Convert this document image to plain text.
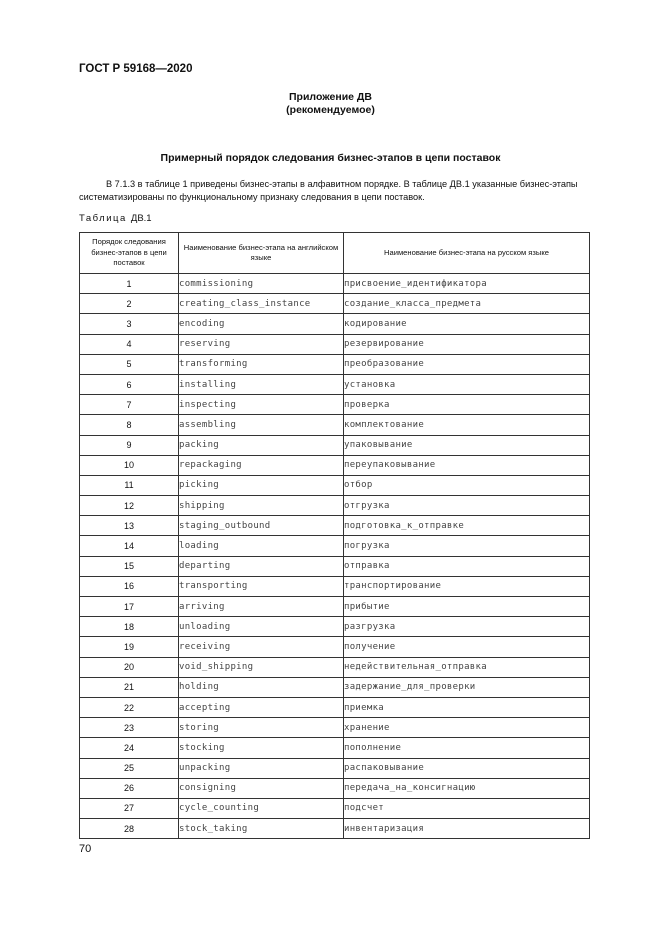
ГОСТ Р 59168—2020
Приложение ДВ
(рекомендуемое)
Примерный порядок следования бизнес-этапов в цепи поставок

В 7.1.3 в таблице 1 приведены бизнес-этапы в алфавитном порядке. В таблице ДВ.1 указанные бизнес-этапы систематизированы по функциональному признаку следования в цепи поставок.

Таблица ДВ.1
Порядок следования бизнес-этапов в цепи поставок	Наименование бизнес-этапа на английском языке	Наименование бизнес-этапа на русском языке
1	commissioning	присвоение_идентификатора
2	creating_class_instance	создание_класса_предмета
3	encoding	кодирование
4	reserving	резервирование
5	transforming	преобразование
6	installing	установка
7	inspecting	проверка
8	assembling	комплектование
9	packing	упаковывание
10	repackaging	переупаковывание
11	picking	отбор
12	shipping	отгрузка
13	staging_outbound	подготовка_к_отправке
14	loading	погрузка
15	departing	отправка
16	transporting	транспортирование
17	arriving	прибытие
18	unloading	разгрузка
19	receiving	получение
20	void_shipping	недействительная_отправка
21	holding	задержание_для_проверки
22	accepting	приемка
23	storing	хранение
24	stocking	пополнение
25	unpacking	распаковывание
26	consigning	передача_на_консигнацию
27	cycle_counting	подсчет
28	stock_taking	инвентаризация
70
